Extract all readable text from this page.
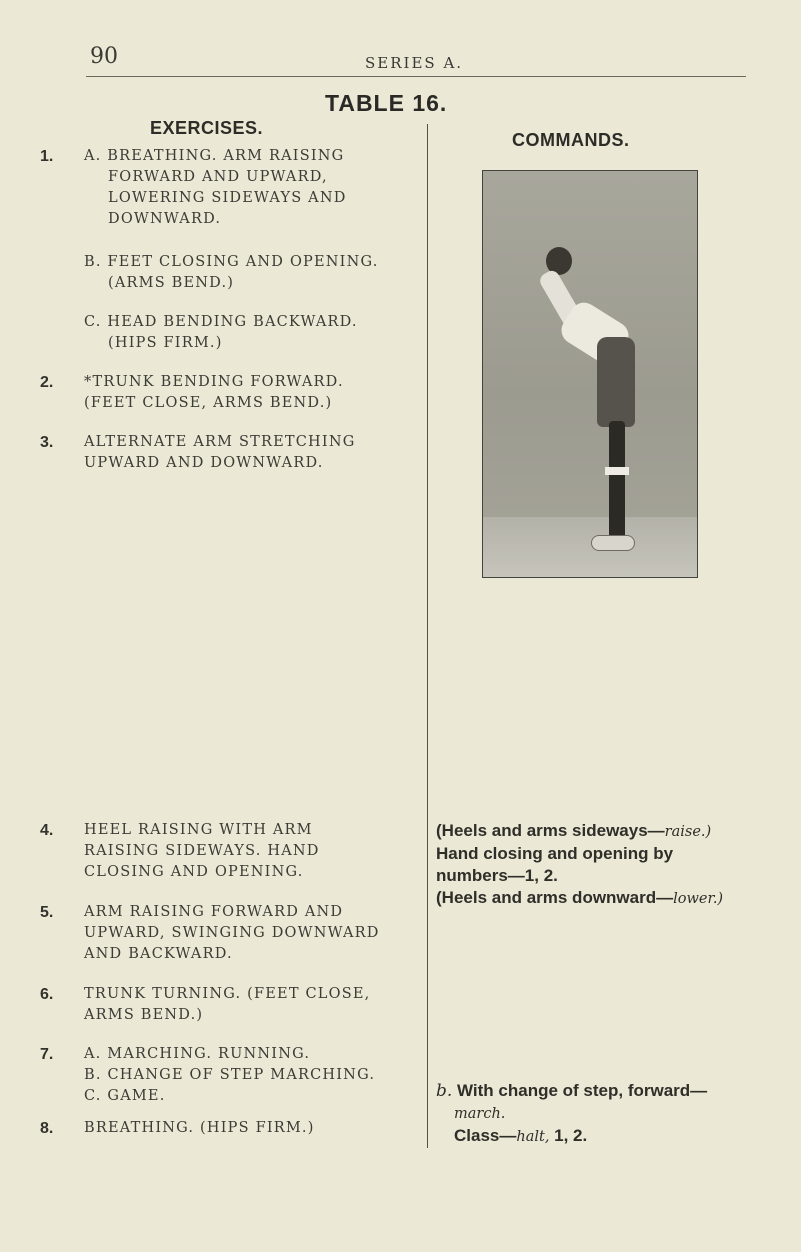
90	SERIES A.
TABLE 16.
EXERCISES.
COMMANDS.
1. A. BREATHING. ARM RAISING
FORWARD AND UPWARD,
LOWERING SIDEWAYS AND
DOWNWARD.
B. FEET CLOSING AND OPENING.
(ARMS BEND.)
C. HEAD BENDING BACKWARD.
(HIPS FIRM.)
2. *TRUNK BENDING FORWARD.
(FEET CLOSE, ARMS BEND.)
3. ALTERNATE ARM STRETCHING
UPWARD AND DOWNWARD.
4. HEEL RAISING WITH ARM
RAISING SIDEWAYS. HAND
CLOSING AND OPENING.
5. ARM RAISING FORWARD AND
UPWARD, SWINGING DOWNWARD
AND BACKWARD.
6. TRUNK TURNING. (FEET CLOSE,
ARMS BEND.)
7. A. MARCHING. RUNNING.
B. CHANGE OF STEP MARCHING.
C. GAME.
8. BREATHING. (HIPS FIRM.)
(Heels and arms sideways—raise.)
Hand closing and opening by
numbers—1, 2.
(Heels and arms downward—lower.)
b. With change of step, forward—
march.
Class—halt, 1, 2.
